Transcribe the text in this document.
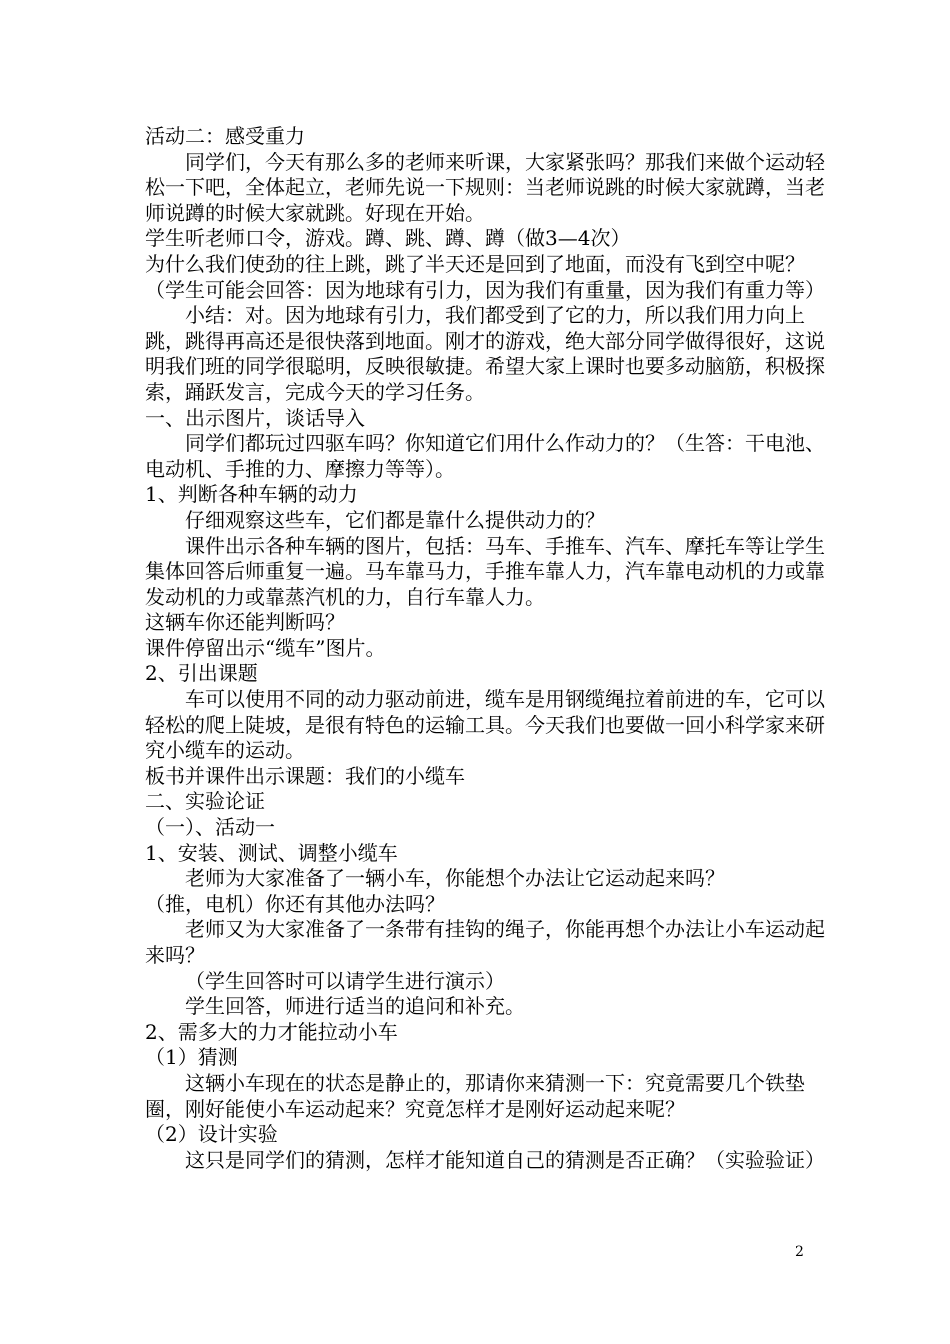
活动二：感受重力

同学们，今天有那么多的老师来听课，大家紧张吗？那我们来做个运动轻松一下吧，全体起立，老师先说一下规则：当老师说跳的时候大家就蹲，当老师说蹲的时候大家就跳。好现在开始。

学生听老师口令，游戏。蹲、跳、蹲、蹲（做3—4次）

为什么我们使劲的往上跳，跳了半天还是回到了地面，而没有飞到空中呢？

（学生可能会回答：因为地球有引力，因为我们有重量，因为我们有重力等）

小结：对。因为地球有引力，我们都受到了它的力，所以我们用力向上跳，跳得再高还是很快落到地面。刚才的游戏，绝大部分同学做得很好，这说明我们班的同学很聪明，反映很敏捷。希望大家上课时也要多动脑筋，积极探索，踊跃发言，完成今天的学习任务。

一、出示图片，谈话导入

同学们都玩过四驱车吗？你知道它们用什么作动力的？（生答：干电池、电动机、手推的力、摩擦力等等）。

1、判断各种车辆的动力

仔细观察这些车，它们都是靠什么提供动力的？

课件出示各种车辆的图片，包括：马车、手推车、汽车、摩托车等让学生集体回答后师重复一遍。马车靠马力，手推车靠人力，汽车靠电动机的力或靠发动机的力或靠蒸汽机的力，自行车靠人力。

这辆车你还能判断吗？

课件停留出示“缆车”图片。

2、引出课题

车可以使用不同的动力驱动前进，缆车是用钢缆绳拉着前进的车，它可以轻松的爬上陡坡，是很有特色的运输工具。今天我们也要做一回小科学家来研究小缆车的运动。

板书并课件出示课题：我们的小缆车

二、实验论证

（一）、活动一

1、安装、测试、调整小缆车

老师为大家准备了一辆小车，你能想个办法让它运动起来吗？

（推，电机）你还有其他办法吗？

老师又为大家准备了一条带有挂钩的绳子，你能再想个办法让小车运动起来吗？

（学生回答时可以请学生进行演示）

学生回答，师进行适当的追问和补充。

2、需多大的力才能拉动小车

（1）猜测

这辆小车现在的状态是静止的，那请你来猜测一下：究竟需要几个铁垫圈，刚好能使小车运动起来？究竟怎样才是刚好运动起来呢？

（2）设计实验

这只是同学们的猜测，怎样才能知道自己的猜测是否正确？（实验验证）

2
